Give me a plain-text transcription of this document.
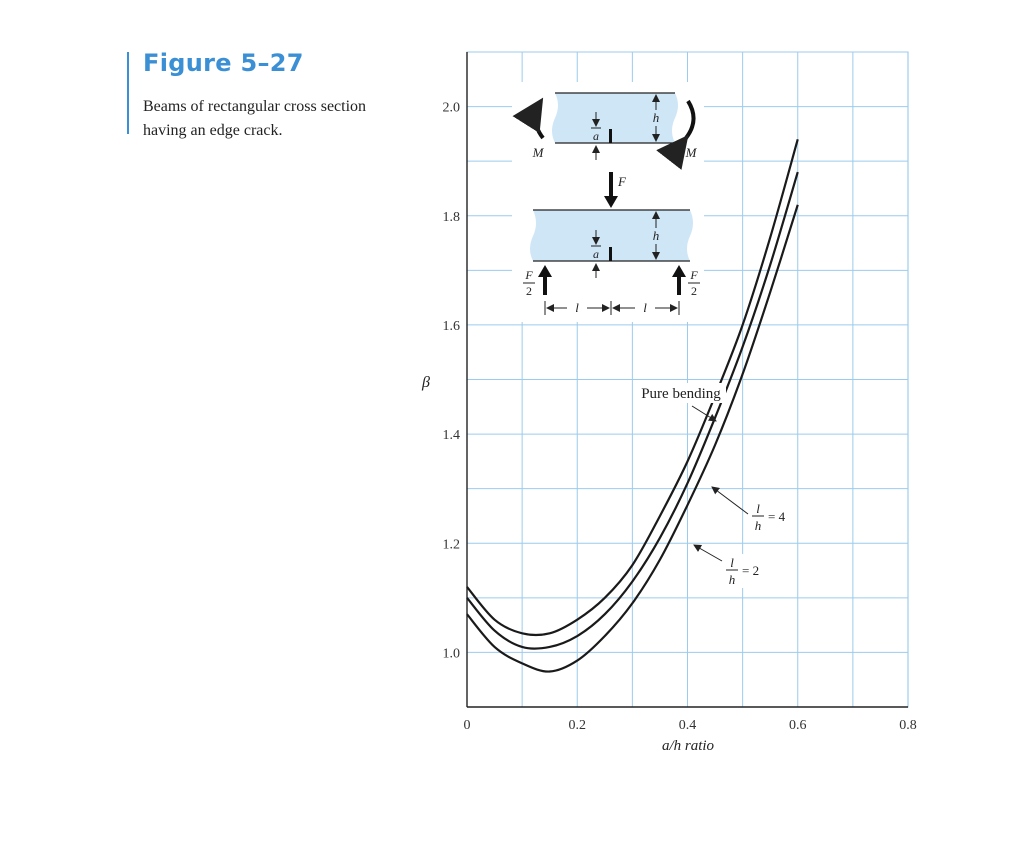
Figure 5–27
Beams of rectangular cross section having an edge crack.
0	0.2	0.4	0.6	0.8
1.0
1.2
1.4
1.6
1.8
2.0
β
a/h ratio
Pure bending
l
h
= 4
l
h
= 2
a
h
M	M
F
a
h
F
2
F
2
l	l
